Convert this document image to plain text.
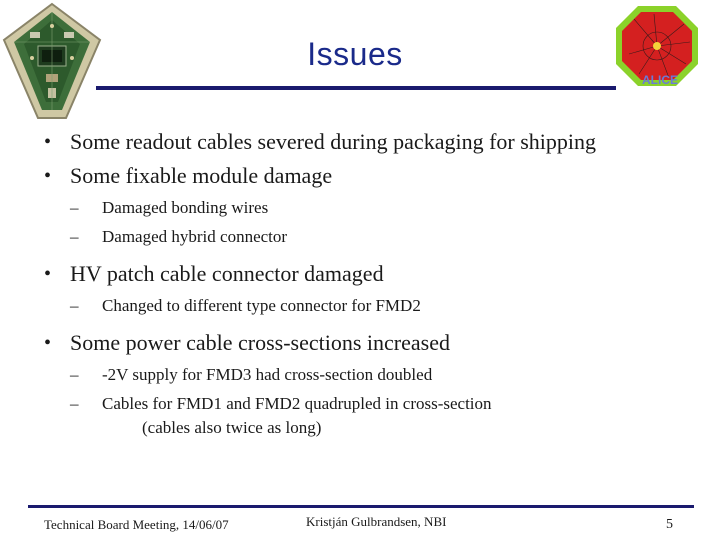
ALICE
Issues
• Some readout cables severed during packaging for shipping
• Some fixable module damage
– Damaged bonding wires
– Damaged hybrid connector
• HV patch cable connector damaged
– Changed to different type connector for FMD2
• Some power cable cross-sections increased
– -2V supply for FMD3 had cross-section doubled
– Cables for FMD1 and FMD2 quadrupled in cross-section
(cables also twice as long)
Technical Board Meeting, 14/06/07	Kristján Gulbrandsen, NBI	5
